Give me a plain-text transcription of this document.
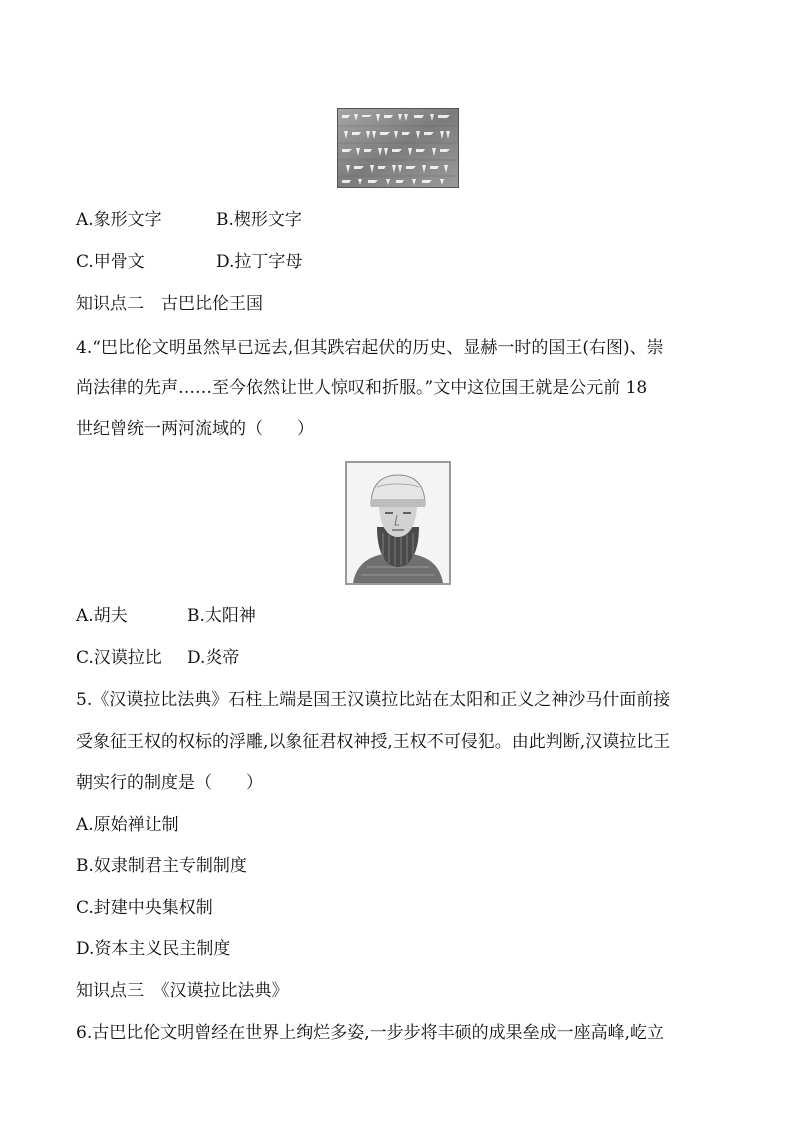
A.象形文字	B.楔形文字
C.甲骨文	D.拉丁字母
知识点二　古巴比伦王国
4.“巴比伦文明虽然早已远去,但其跌宕起伏的历史、显赫一时的国王(右图)、崇
尚法律的先声……至今依然让世人惊叹和折服。”文中这位国王就是公元前 18
世纪曾统一两河流域的（　　）
A.胡夫	B.太阳神
C.汉谟拉比 D.炎帝
5.《汉谟拉比法典》石柱上端是国王汉谟拉比站在太阳和正义之神沙马什面前接
受象征王权的权标的浮雕,以象征君权神授,王权不可侵犯。由此判断,汉谟拉比王
朝实行的制度是（　　）
A.原始禅让制
B.奴隶制君主专制制度
C.封建中央集权制
D.资本主义民主制度
知识点三　《汉谟拉比法典》
6.古巴比伦文明曾经在世界上绚烂多姿,一步步将丰硕的成果垒成一座高峰,屹立
